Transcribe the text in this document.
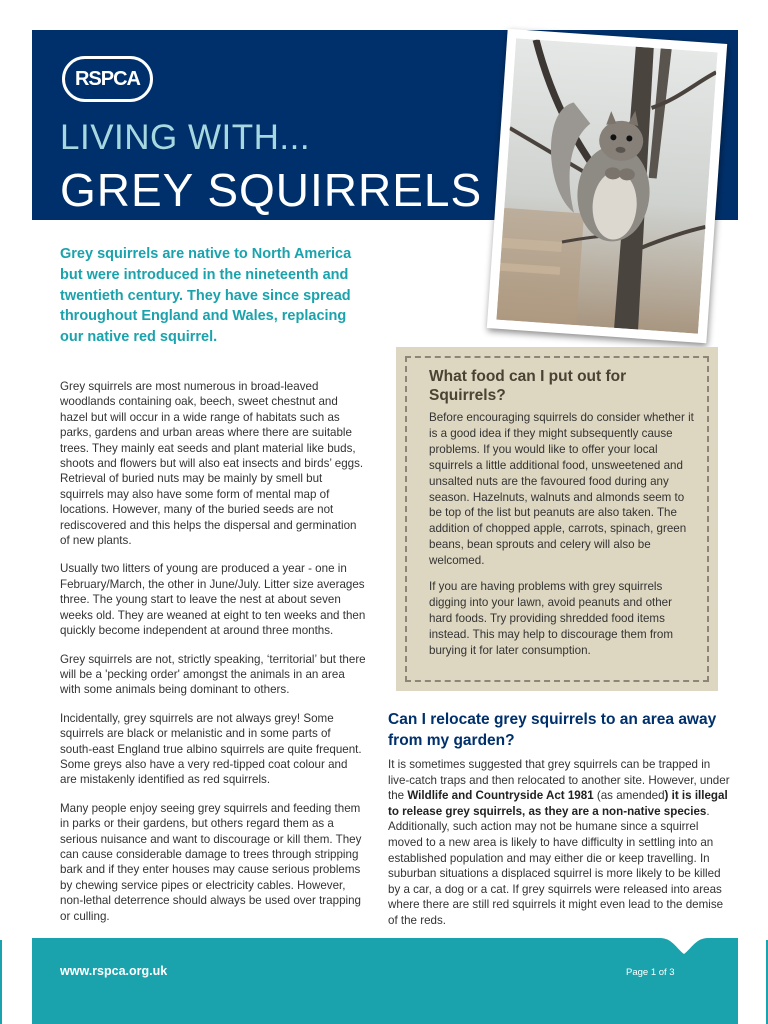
RSPCA
LIVING WITH...
GREY SQUIRRELS
Grey squirrels are native to North America but were introduced in the nineteenth and twentieth century. They have since spread throughout England and Wales, replacing our native red squirrel.

Grey squirrels are most numerous in broad-leaved woodlands containing oak, beech, sweet chestnut and hazel but will occur in a wide range of habitats such as parks, gardens and urban areas where there are suitable trees. They mainly eat seeds and plant material like buds, shoots and flowers but will also eat insects and birds’ eggs. Retrieval of buried nuts may be mainly by smell but squirrels may also have some form of mental map of locations. However, many of the buried seeds are not rediscovered and this helps the dispersal and germination of new plants.

Usually two litters of young are produced a year - one in February/March, the other in June/July. Litter size averages three. The young start to leave the nest at about seven weeks old. They are weaned at eight to ten weeks and then quickly become independent at around three months.

Grey squirrels are not, strictly speaking, ‘territorial’ but there will be a 'pecking order' amongst the animals in an area with some animals being dominant to others.

Incidentally, grey squirrels are not always grey! Some squirrels are black or melanistic and in some parts of south-east England true albino squirrels are quite frequent. Some greys also have a very red-tipped coat colour and are mistakenly identified as red squirrels.

Many people enjoy seeing grey squirrels and feeding them in parks or their gardens, but others regard them as a serious nuisance and want to discourage or kill them. They can cause considerable damage to trees through stripping bark and if they enter houses may cause serious problems by chewing service pipes or electricity cables. However, non-lethal deterrence should always be used over trapping or culling.

What food can I put out for Squirrels?

Before encouraging squirrels do consider whether it is a good idea if they might subsequently cause problems. If you would like to offer your local squirrels a little additional food, unsweetened and unsalted nuts are the favoured food during any season. Hazelnuts, walnuts and almonds seem to be top of the list but peanuts are also taken. The addition of chopped apple, carrots, spinach, green beans, bean sprouts and celery will also be welcomed.

If you are having problems with grey squirrels digging into your lawn, avoid peanuts and other hard foods. Try providing shredded food items instead. This may help to discourage them from burying it for later consumption.

Can I relocate grey squirrels to an area away from my garden?
It is sometimes suggested that grey squirrels can be trapped in live-catch traps and then relocated to another site. However, under the Wildlife and Countryside Act 1981 (as amended) it is illegal to release grey squirrels, as they are a non-native species. Additionally, such action may not be humane since a squirrel moved to a new area is likely to have difficulty in settling into an established population and may either die or keep travelling. In suburban situations a displaced squirrel is more likely to be killed by a car, a dog or a cat. If grey squirrels were released into areas where there are still red squirrels it might even lead to the demise of the reds.
www.rspca.org.uk	Page 1 of 3
